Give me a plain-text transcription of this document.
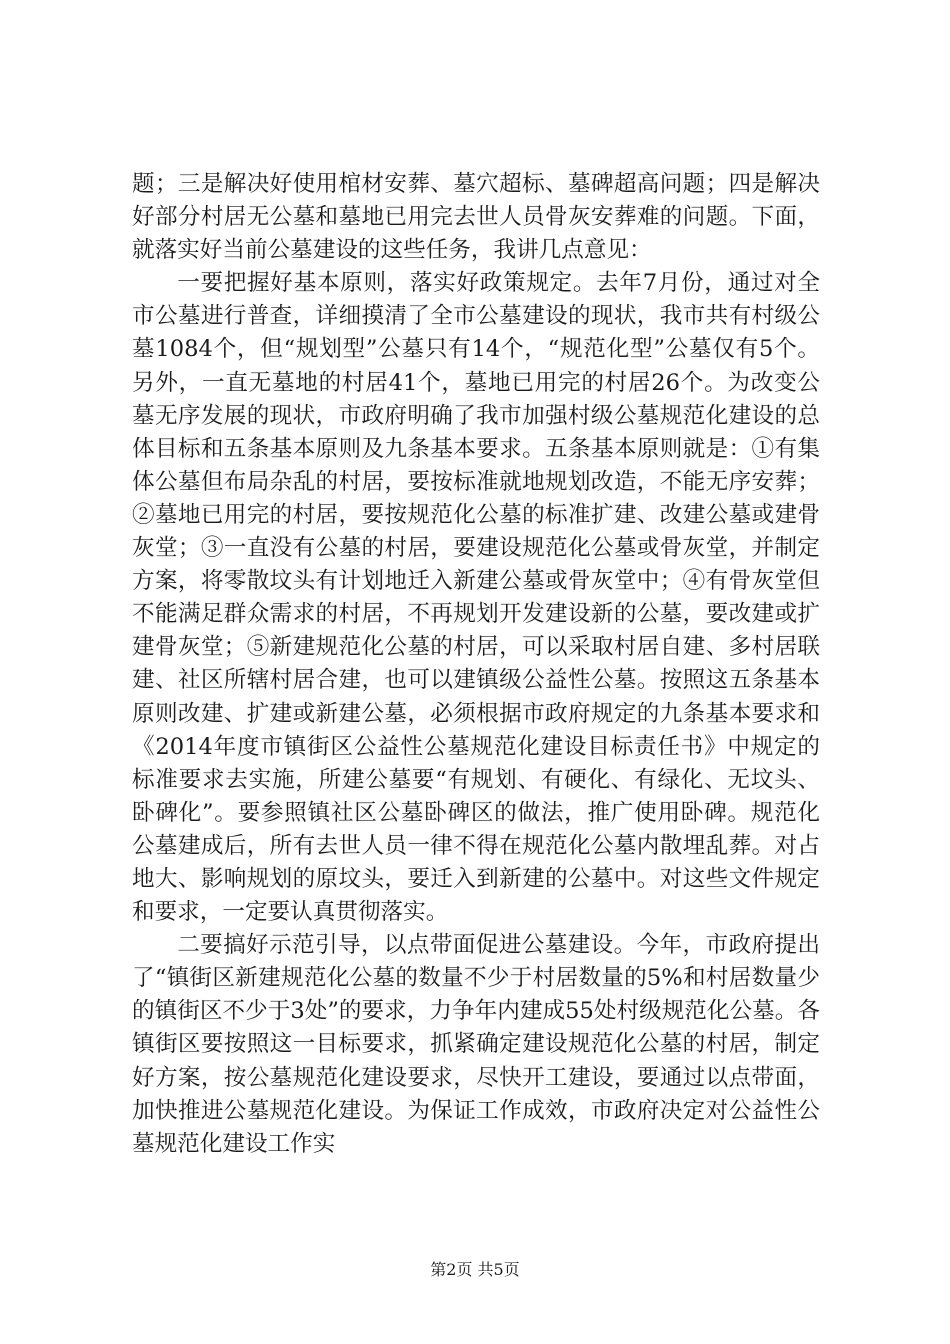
题；三是解决好使用棺材安葬、墓穴超标、墓碑超高问题；四是解决好部分村居无公墓和墓地已用完去世人员骨灰安葬难的问题。下面，就落实好当前公墓建设的这些任务，我讲几点意见：

一要把握好基本原则，落实好政策规定。去年7月份，通过对全市公墓进行普查，详细摸清了全市公墓建设的现状，我市共有村级公墓1084个，但“规划型”公墓只有14个，“规范化型”公墓仅有5个。另外，一直无墓地的村居41个，墓地已用完的村居26个。为改变公墓无序发展的现状，市政府明确了我市加强村级公墓规范化建设的总体目标和五条基本原则及九条基本要求。五条基本原则就是：①有集体公墓但布局杂乱的村居，要按标准就地规划改造，不能无序安葬；②墓地已用完的村居，要按规范化公墓的标准扩建、改建公墓或建骨灰堂；③一直没有公墓的村居，要建设规范化公墓或骨灰堂，并制定方案，将零散坟头有计划地迁入新建公墓或骨灰堂中；④有骨灰堂但不能满足群众需求的村居，不再规划开发建设新的公墓，要改建或扩建骨灰堂；⑤新建规范化公墓的村居，可以采取村居自建、多村居联建、社区所辖村居合建，也可以建镇级公益性公墓。按照这五条基本原则改建、扩建或新建公墓，必须根据市政府规定的九条基本要求和《2014年度市镇街区公益性公墓规范化建设目标责任书》中规定的标准要求去实施，所建公墓要“有规划、有硬化、有绿化、无坟头、卧碑化”。要参照镇社区公墓卧碑区的做法，推广使用卧碑。规范化公墓建成后，所有去世人员一律不得在规范化公墓内散埋乱葬。对占地大、影响规划的原坟头，要迁入到新建的公墓中。对这些文件规定和要求，一定要认真贯彻落实。

二要搞好示范引导，以点带面促进公墓建设。今年，市政府提出了“镇街区新建规范化公墓的数量不少于村居数量的5%和村居数量少的镇街区不少于3处”的要求，力争年内建成55处村级规范化公墓。各镇街区要按照这一目标要求，抓紧确定建设规范化公墓的村居，制定好方案，按公墓规范化建设要求，尽快开工建设，要通过以点带面，加快推进公墓规范化建设。为保证工作成效，市政府决定对公益性公墓规范化建设工作实

第2页 共5页
